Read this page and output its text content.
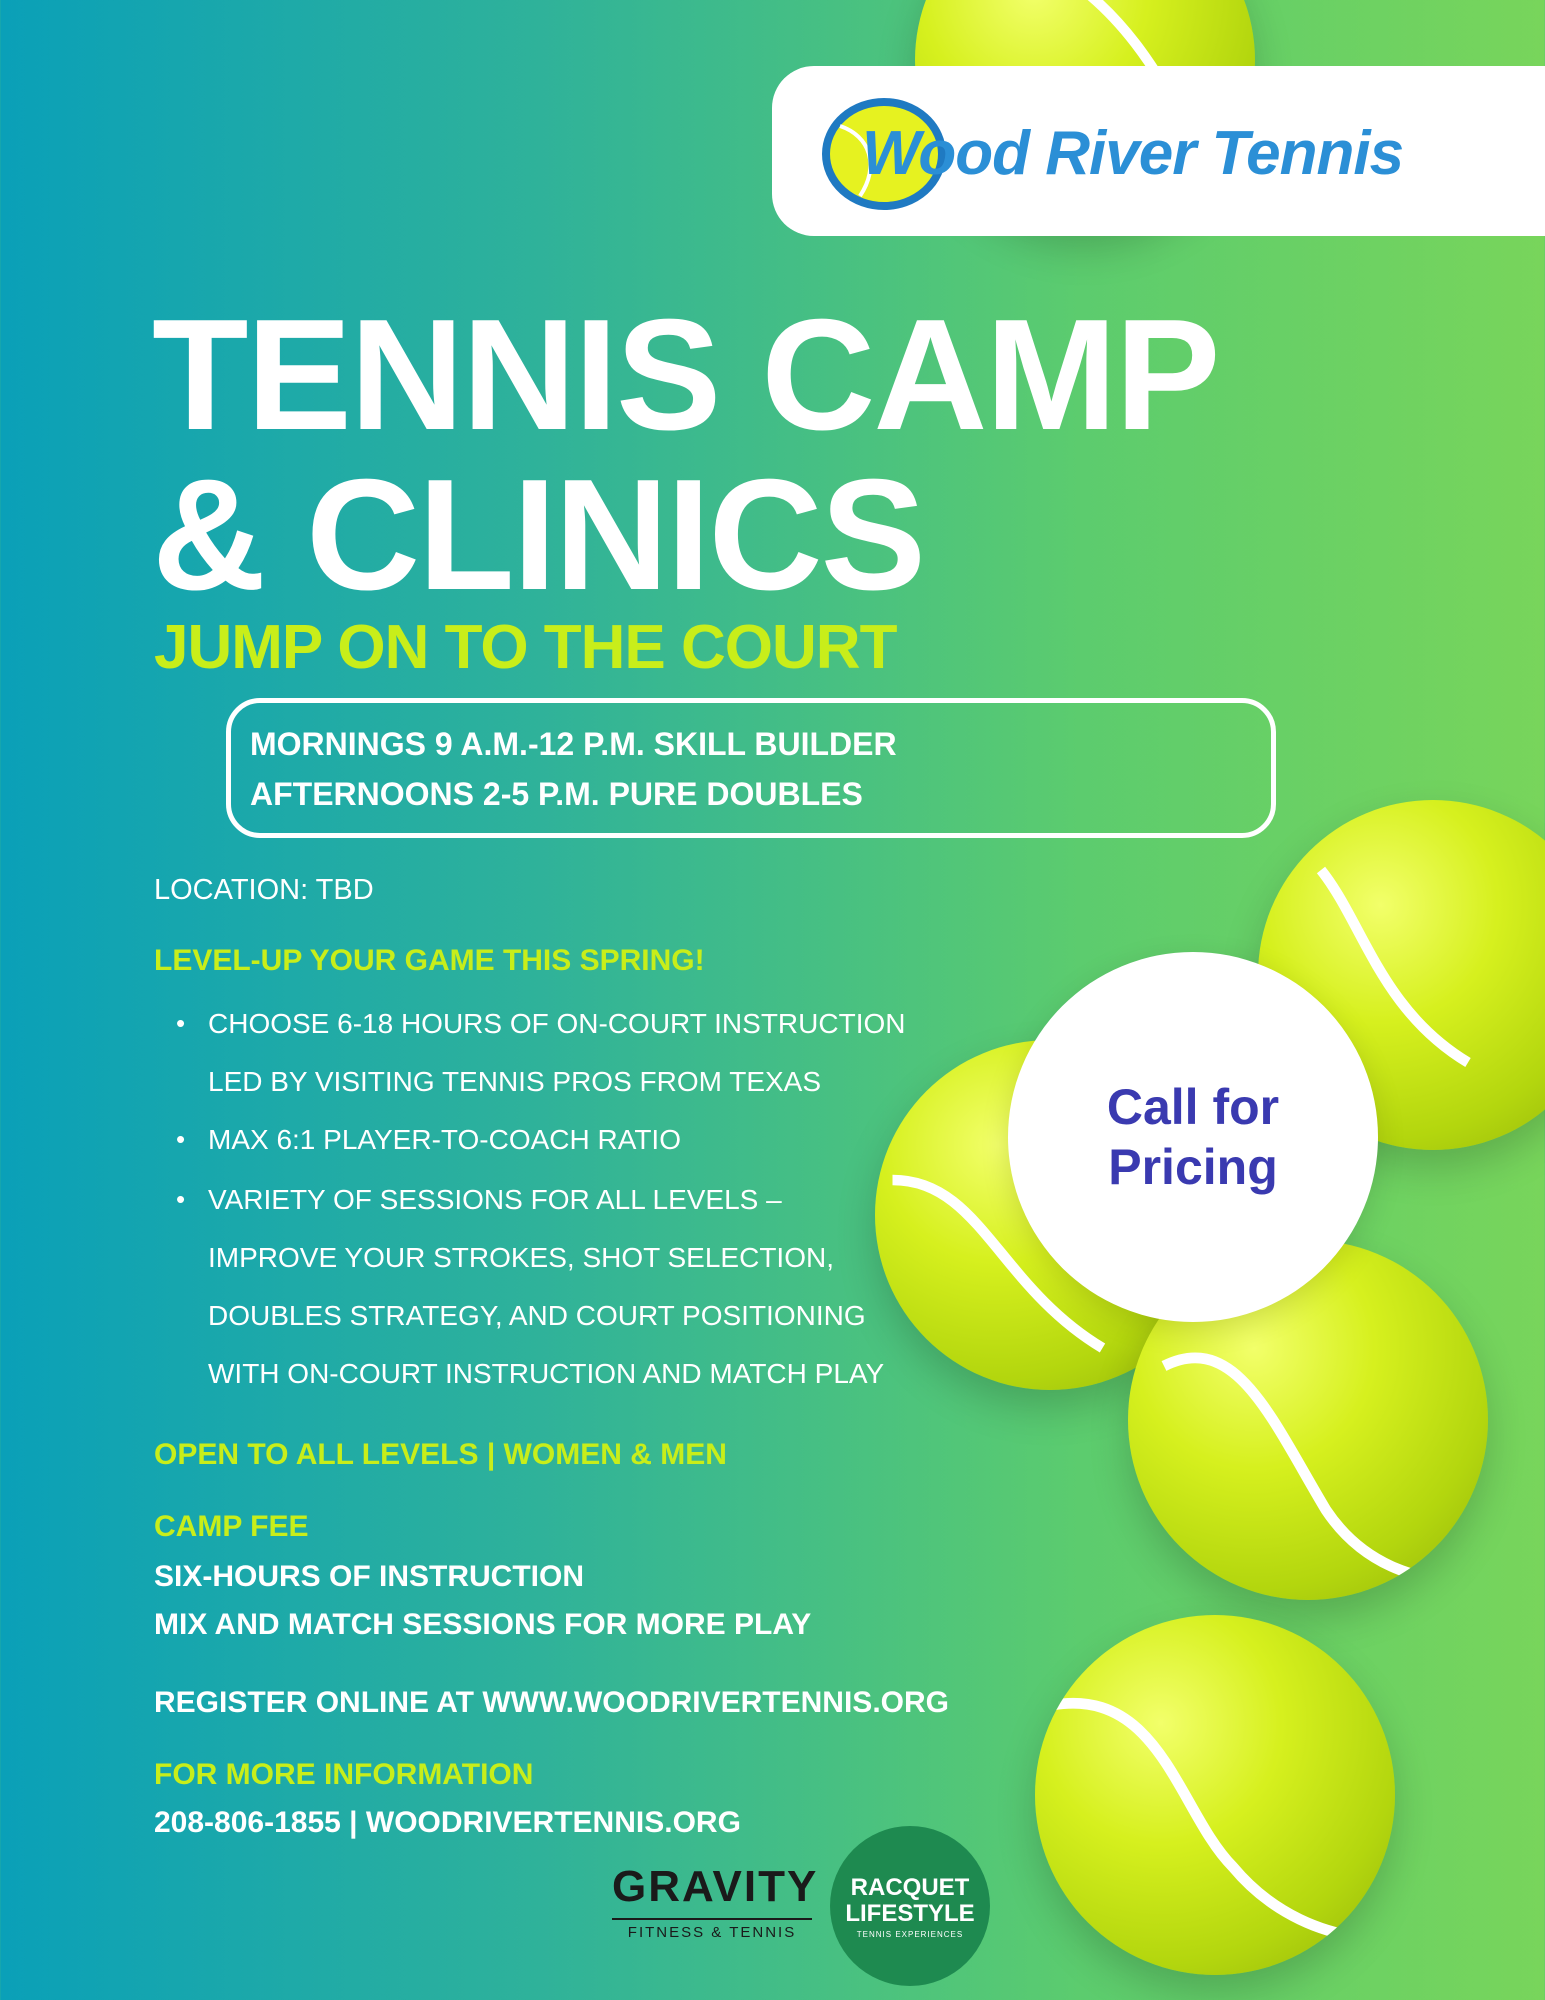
Wood River Tennis
TENNIS CAMP
& CLINICS
JUMP ON TO THE COURT
MORNINGS 9 A.M.-12 P.M. SKILL BUILDER
AFTERNOONS 2-5 P.M. PURE DOUBLES
LOCATION: TBD
LEVEL-UP YOUR GAME THIS SPRING!
• CHOOSE 6-18 HOURS OF ON-COURT INSTRUCTION
LED BY VISITING TENNIS PROS FROM TEXAS
• MAX 6:1 PLAYER-TO-COACH RATIO
• VARIETY OF SESSIONS FOR ALL LEVELS –
IMPROVE YOUR STROKES, SHOT SELECTION,
DOUBLES STRATEGY, AND COURT POSITIONING
WITH ON-COURT INSTRUCTION AND MATCH PLAY
Call for
Pricing
OPEN TO ALL LEVELS | WOMEN & MEN
CAMP FEE
SIX-HOURS OF INSTRUCTION
MIX AND MATCH SESSIONS FOR MORE PLAY
REGISTER ONLINE AT WWW.WOODRIVERTENNIS.ORG
FOR MORE INFORMATION
208-806-1855 | WOODRIVERTENNIS.ORG
GRAVITY
FITNESS & TENNIS
RACQUET
LIFESTYLE
TENNIS EXPERIENCES
